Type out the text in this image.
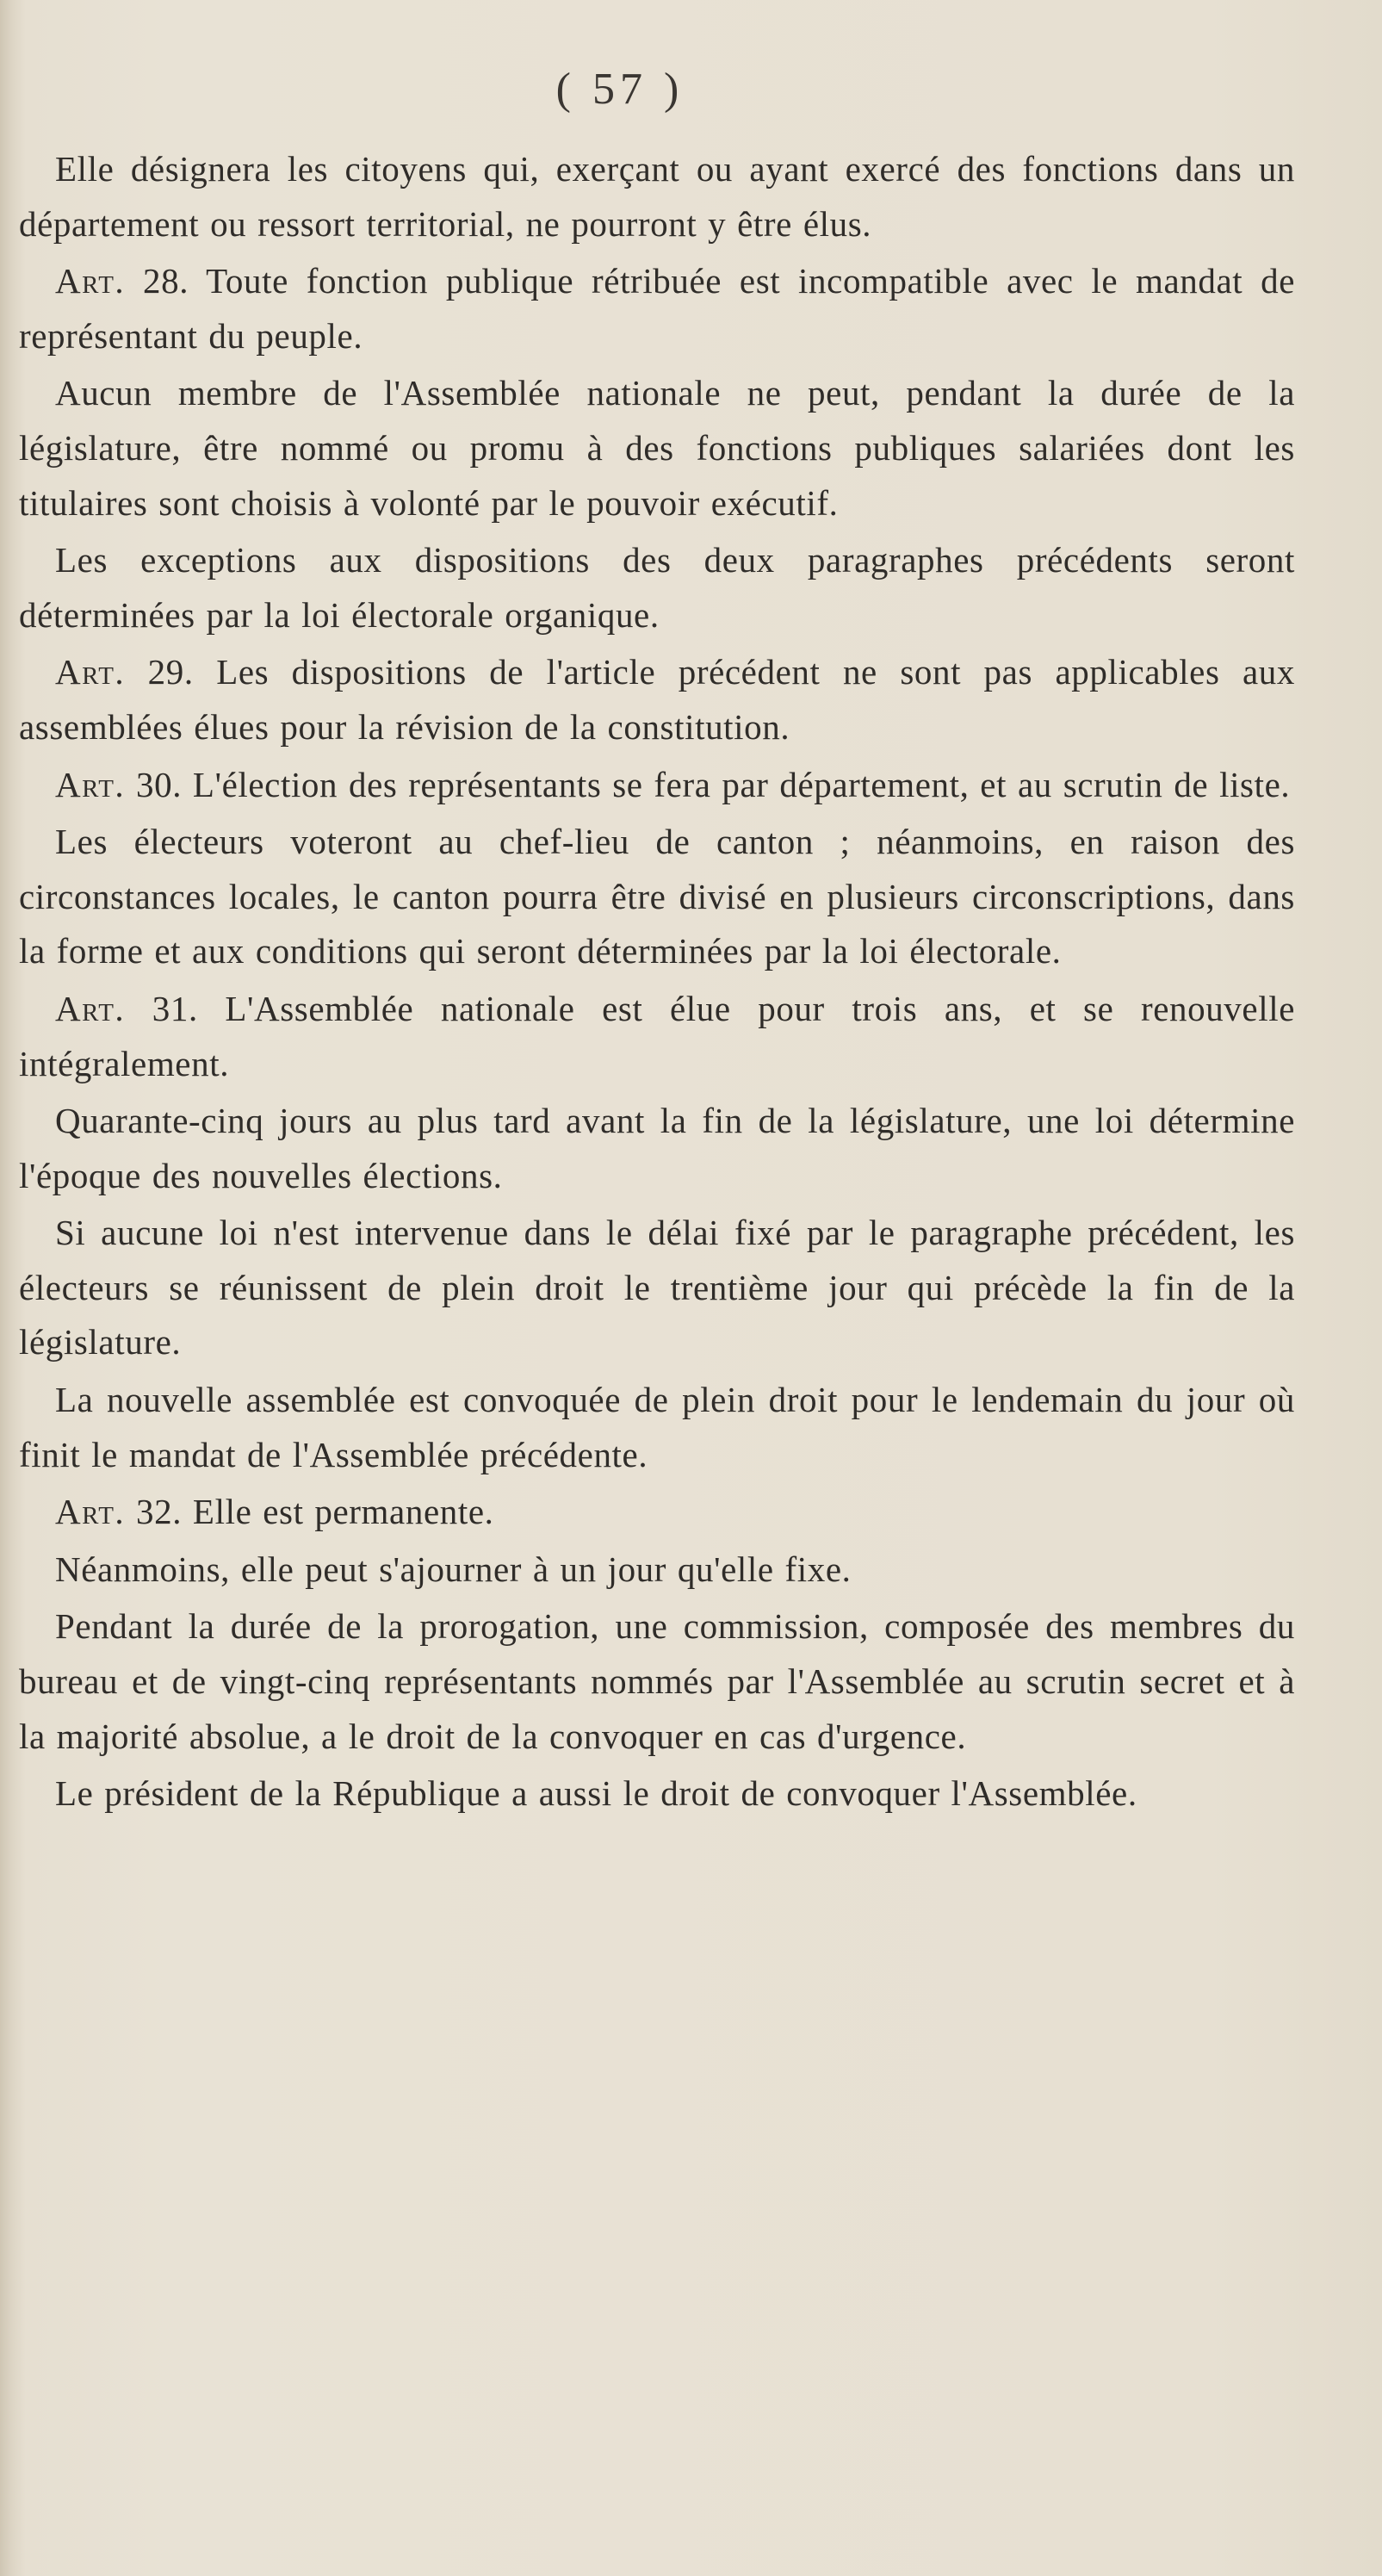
( 57 )

Elle désignera les citoyens qui, exerçant ou ayant exercé des fonctions dans un département ou ressort territorial, ne pourront y être élus.

Art. 28. Toute fonction publique rétribuée est incompatible avec le mandat de représentant du peuple.

Aucun membre de l'Assemblée nationale ne peut, pendant la durée de la législature, être nommé ou promu à des fonctions publiques salariées dont les titulaires sont choisis à volonté par le pouvoir exécutif.

Les exceptions aux dispositions des deux paragraphes précédents seront déterminées par la loi électorale organique.

Art. 29. Les dispositions de l'article précédent ne sont pas applicables aux assemblées élues pour la révision de la constitution.

Art. 30. L'élection des représentants se fera par département, et au scrutin de liste.

Les électeurs voteront au chef-lieu de canton ; néanmoins, en raison des circonstances locales, le canton pourra être divisé en plusieurs circonscriptions, dans la forme et aux conditions qui seront déterminées par la loi électorale.

Art. 31. L'Assemblée nationale est élue pour trois ans, et se renouvelle intégralement.

Quarante-cinq jours au plus tard avant la fin de la législature, une loi détermine l'époque des nouvelles élections.

Si aucune loi n'est intervenue dans le délai fixé par le paragraphe précédent, les électeurs se réunissent de plein droit le trentième jour qui précède la fin de la législature.

La nouvelle assemblée est convoquée de plein droit pour le lendemain du jour où finit le mandat de l'Assemblée précédente.

Art. 32. Elle est permanente.

Néanmoins, elle peut s'ajourner à un jour qu'elle fixe.

Pendant la durée de la prorogation, une commission, composée des membres du bureau et de vingt-cinq représentants nommés par l'Assemblée au scrutin secret et à la majorité absolue, a le droit de la convoquer en cas d'urgence.

Le président de la République a aussi le droit de convoquer l'Assemblée.
